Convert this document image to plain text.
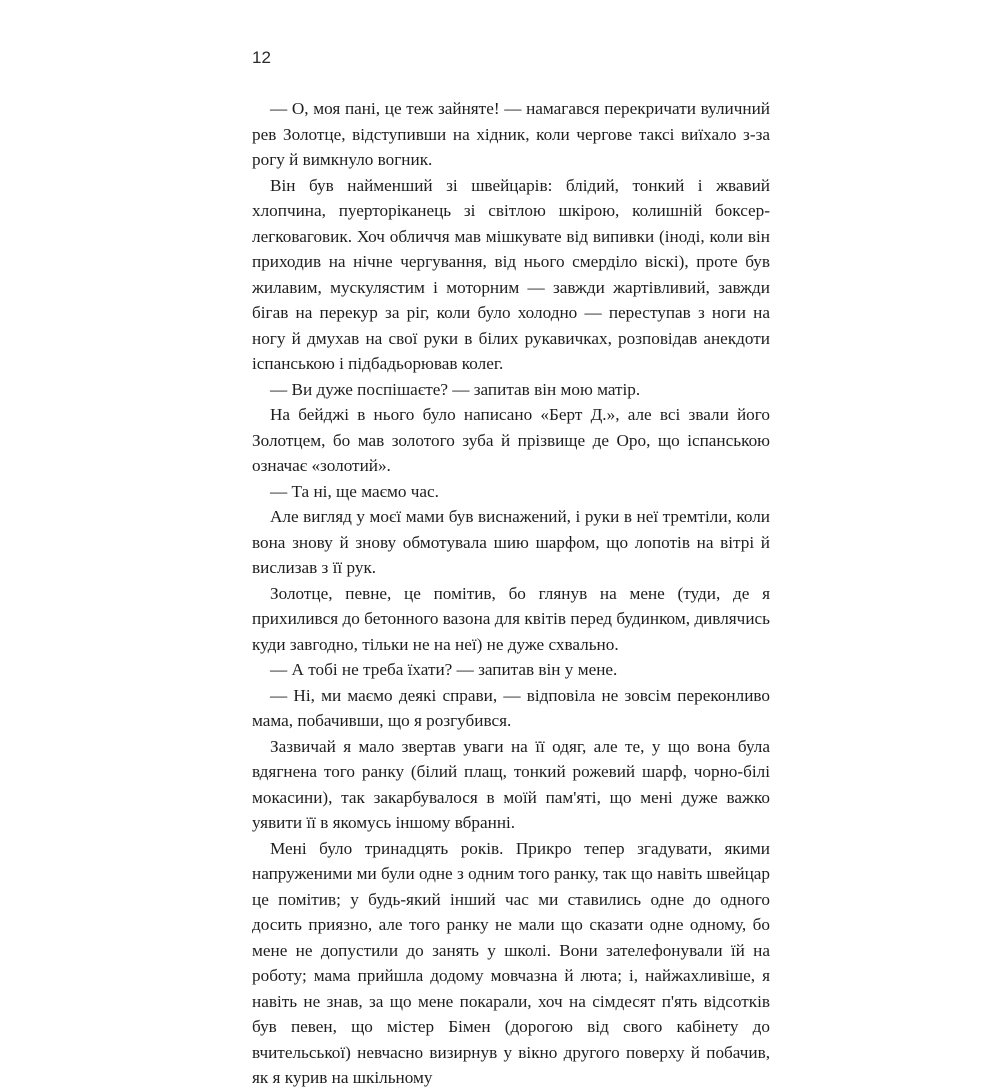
12

— О, моя пані, це теж зайняте! — намагався перекричати вуличний рев Золотце, відступивши на хідник, коли чергове таксі виїхало з-за рогу й вимкнуло вогник.

Він був найменший зі швейцарів: блідий, тонкий і жвавий хлопчина, пуерторіканець зі світлою шкірою, колишній боксер-легковаговик. Хоч обличчя мав мішкувате від випивки (іноді, коли він приходив на нічне чергування, від нього смерділо віскі), проте був жилавим, мускулястим і моторним — завжди жартівливий, завжди бігав на перекур за ріг, коли було холодно — переступав з ноги на ногу й дмухав на свої руки в білих рукавичках, розповідав анекдоти іспанською і підбадьорював колег.

— Ви дуже поспішаєте? — запитав він мою матір.

На бейджі в нього було написано «Берт Д.», але всі звали його Золотцем, бо мав золотого зуба й прізвище де Оро, що іспанською означає «золотий».

— Та ні, ще маємо час.

Але вигляд у моєї мами був виснажений, і руки в неї тремтіли, коли вона знову й знову обмотувала шию шарфом, що лопотів на вітрі й вислизав з її рук.

Золотце, певне, це помітив, бо глянув на мене (туди, де я прихилився до бетонного вазона для квітів перед будинком, дивлячись куди завгодно, тільки не на неї) не дуже схвально.

— А тобі не треба їхати? — запитав він у мене.

— Ні, ми маємо деякі справи, — відповіла не зовсім переконливо мама, побачивши, що я розгубився.

Зазвичай я мало звертав уваги на її одяг, але те, у що вона була вдягнена того ранку (білий плащ, тонкий рожевий шарф, чорно-білі мокасини), так закарбувалося в моїй пам'яті, що мені дуже важко уявити її в якомусь іншому вбранні.

Мені було тринадцять років. Прикро тепер згадувати, якими напруженими ми були одне з одним того ранку, так що навіть швейцар це помітив; у будь-який інший час ми ставились одне до одного досить приязно, але того ранку не мали що сказати одне одному, бо мене не допустили до занять у школі. Вони зателефонували їй на роботу; мама прийшла додому мовчазна й люта; і, найжахливіше, я навіть не знав, за що мене покарали, хоч на сімдесят п'ять відсотків був певен, що містер Бімен (дорогою від свого кабінету до вчительської) невчасно визирнув у вікно другого поверху й побачив, як я курив на шкільному
